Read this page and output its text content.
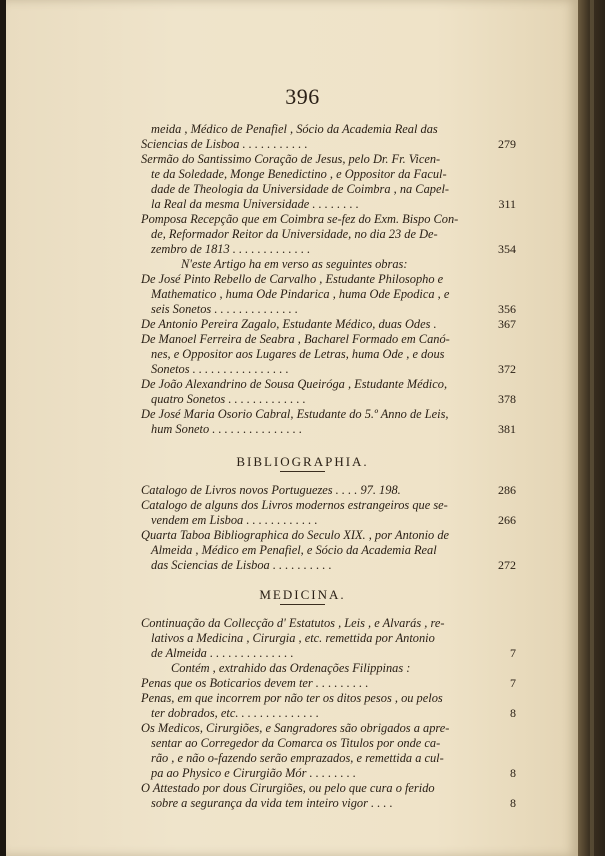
396
meida , Médico de Penafiel , Sócio da Academia Real das
Sciencias de Lisboa . . . . . . . . . . .	279
Sermão do Santissimo Coração de Jesus, pelo Dr. Fr. Vicen-
te da Soledade, Monge Benedictino , e Oppositor da Facul-
dade de Theologia da Universidade de Coimbra , na Capel-
la Real da mesma Universidade . . . . . . . .	311
Pomposa Recepção que em Coimbra se-fez do Exm. Bispo Con-
de, Reformador Reitor da Universidade, no dia 23 de De-
zembro de 1813 . . . . . . . . . . . . .	354
N'este Artigo ha em verso as seguintes obras:
De José Pinto Rebello de Carvalho , Estudante Philosopho e
Mathematico , huma Ode Pindarica , huma Ode Epodica , e
seis Sonetos . . . . . . . . . . . . . .	356
De Antonio Pereira Zagalo, Estudante Médico, duas Odes .	367
De Manoel Ferreira de Seabra , Bacharel Formado em Canó-
nes, e Oppositor aos Lugares de Letras, huma Ode , e dous
Sonetos . . . . . . . . . . . . . . . .	372
De João Alexandrino de Sousa Queiróga , Estudante Médico,
quatro Sonetos . . . . . . . . . . . . .	378
De José Maria Osorio Cabral, Estudante do 5.º Anno de Leis,
hum Soneto . . . . . . . . . . . . . . .	381
BIBLIOGRAPHIA.
Catalogo de Livros novos Portuguezes . . . . 97. 198.	286
Catalogo de alguns dos Livros modernos estrangeiros que se-
vendem em Lisboa . . . . . . . . . . . .	266
Quarta Taboa Bibliographica do Seculo XIX. , por Antonio de
Almeida , Médico em Penafiel, e Sócio da Academia Real
das Sciencias de Lisboa . . . . . . . . . .	272
MEDICINA.
Continuação da Collecção d' Estatutos , Leis , e Alvarás , re-
lativos a Medicina , Cirurgia , etc. remettida por Antonio
de Almeida . . . . . . . . . . . . . .	7
Contém , extrahido das Ordenações Filippinas :
Penas que os Boticarios devem ter . . . . . . . . .	7
Penas, em que incorrem por não ter os ditos pesos , ou pelos
ter dobrados, etc. . . . . . . . . . . . . .	8
Os Medicos, Cirurgiões, e Sangradores são obrigados a apre-
sentar ao Corregedor da Comarca os Titulos por onde ca-
rão , e não o-fazendo serão emprazados, e remettida a cul-
pa ao Physico e Cirurgião Mór . . . . . . . .	8
O Attestado por dous Cirurgiões, ou pelo que cura o ferido
sobre a segurança da vida tem inteiro vigor . . . .	8
